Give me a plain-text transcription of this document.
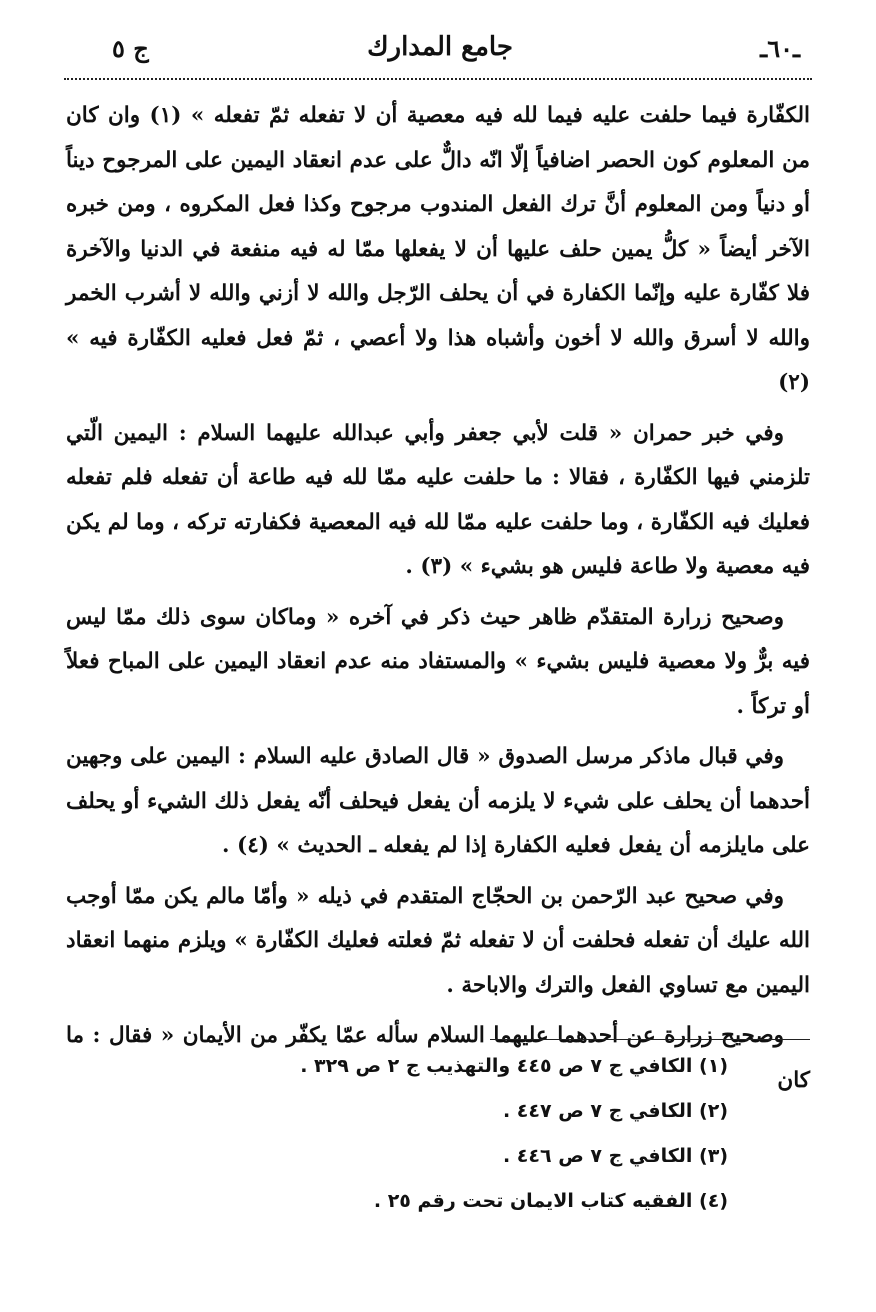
ـ٦٠ـ
جامع المدارك
ج ٥

الكفّارة فيما حلفت عليه فيما لله فيه معصية أن لا تفعله ثمّ تفعله » (١) وان كان من المعلوم كون الحصر اضافياً إلّا انّه دالٌّ على عدم انعقاد اليمين على المرجوح ديناً أو دنياً ومن المعلوم أنَّ ترك الفعل المندوب مرجوح وكذا فعل المكروه ، ومن خبره الآخر أيضاً « كلُّ يمين حلف عليها أن لا يفعلها ممّا له فيه منفعة في الدنيا والآخرة فلا كفّارة عليه وإنّما الكفارة في أن يحلف الرّجل والله لا أزني والله لا أشرب الخمر والله لا أسرق والله لا أخون وأشباه هذا ولا أعصي ، ثمّ فعل فعليه الكفّارة فيه » (٢)

وفي خبر حمران « قلت لأبي جعفر وأبي عبدالله عليهما السلام : اليمين الّتي تلزمني فيها الكفّارة ، فقالا : ما حلفت عليه ممّا لله فيه طاعة أن تفعله فلم تفعله فعليك فيه الكفّارة ، وما حلفت عليه ممّا لله فيه المعصية فكفارته تركه ، وما لم يكن فيه معصية ولا طاعة فليس هو بشيء » (٣) .

وصحيح زرارة المتقدّم ظاهر حيث ذكر في آخره « وماكان سوى ذلك ممّا ليس فيه برٌّ ولا معصية فليس بشيء » والمستفاد منه عدم انعقاد اليمين على المباح فعلاً أو تركاً .

وفي قبال ماذكر مرسل الصدوق « قال الصادق عليه السلام : اليمين على وجهين أحدهما أن يحلف على شيء لا يلزمه أن يفعل فيحلف أنّه يفعل ذلك الشيء أو يحلف على مايلزمه أن يفعل فعليه الكفارة إذا لم يفعله ـ الحديث » (٤) .

وفي صحيح عبد الرّحمن بن الحجّاج المتقدم في ذيله « وأمّا مالم يكن ممّا أوجب الله عليك أن تفعله فحلفت أن لا تفعله ثمّ فعلته فعليك الكفّارة » ويلزم منهما انعقاد اليمين مع تساوي الفعل والترك والاباحة .

وصحيح زرارة عن أحدهما عليهما السلام سأله عمّا يكفّر من الأيمان « فقال : ما كان

(١) الكافي ج ٧ ص ٤٤٥ والتهذيب ج ٢ ص ٣٢٩ .
(٢) الكافي ج ٧ ص ٤٤٧ .
(٣) الكافي ج ٧ ص ٤٤٦ .
(٤) الفقيه كتاب الايمان تحت رقم ٢٥ .
